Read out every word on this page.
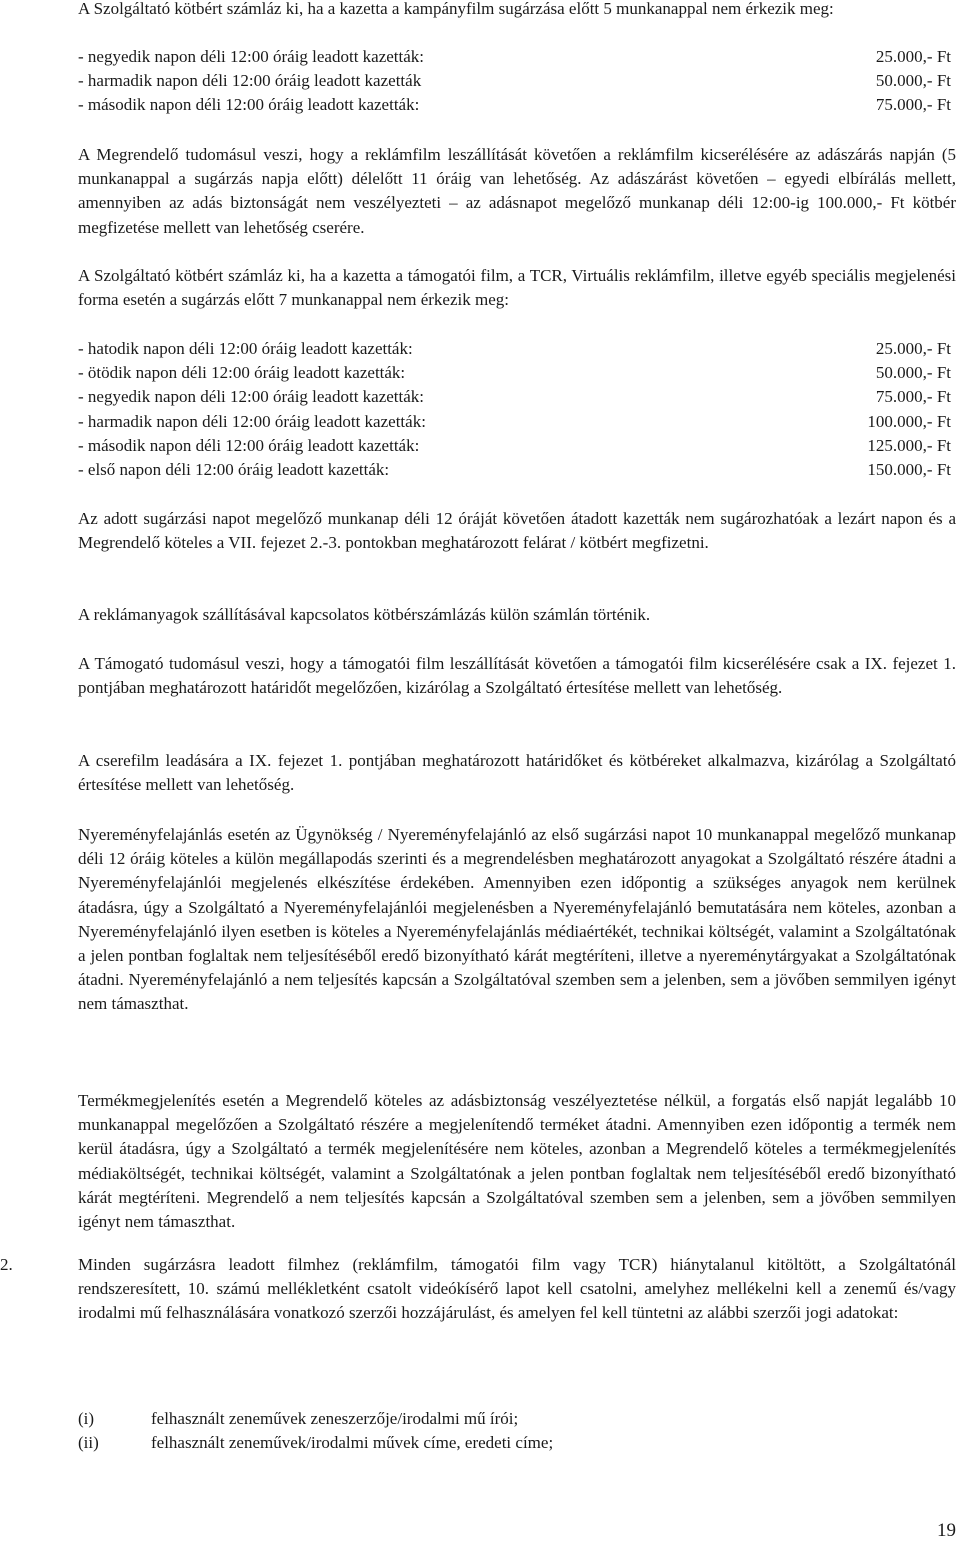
A Szolgáltató kötbért számláz ki, ha a kazetta a kampányfilm sugárzása előtt 5 munkanappal nem érkezik meg:

- negyedik napon déli 12:00 óráig leadott kazetták:	25.000,- Ft
- harmadik napon déli 12:00 óráig leadott kazetták	50.000,- Ft
- második napon déli 12:00 óráig leadott kazetták:	75.000,- Ft

A Megrendelő tudomásul veszi, hogy a reklámfilm leszállítását követően a reklámfilm kicserélésére az adászárás napján (5 munkanappal a sugárzás napja előtt) délelőtt 11 óráig van lehetőség. Az adászárást követően – egyedi elbírálás mellett, amennyiben az adás biztonságát nem veszélyezteti – az adásnapot megelőző munkanap déli 12:00-ig 100.000,- Ft kötbér megfizetése mellett van lehetőség cserére.

A Szolgáltató kötbért számláz ki, ha a kazetta a támogatói film, a TCR, Virtuális reklámfilm, illetve egyéb speciális megjelenési forma esetén a sugárzás előtt 7 munkanappal nem érkezik meg:

- hatodik napon déli 12:00 óráig leadott kazetták:	25.000,- Ft
- ötödik napon déli 12:00 óráig leadott kazetták:	50.000,- Ft
- negyedik napon déli 12:00 óráig leadott kazetták:	75.000,- Ft
- harmadik napon déli 12:00 óráig leadott kazetták:	100.000,- Ft
- második napon déli 12:00 óráig leadott kazetták:	125.000,- Ft
- első napon déli 12:00 óráig leadott kazetták:	150.000,- Ft

Az adott sugárzási napot megelőző munkanap déli 12 óráját követően átadott kazetták nem sugározhatóak a lezárt napon és a Megrendelő köteles a VII. fejezet 2.-3. pontokban meghatározott felárat / kötbért megfizetni.

A reklámanyagok szállításával kapcsolatos kötbérszámlázás külön számlán történik.

A Támogató tudomásul veszi, hogy a támogatói film leszállítását követően a támogatói film kicserélésére csak a IX. fejezet 1. pontjában meghatározott határidőt megelőzően, kizárólag a Szolgáltató értesítése mellett van lehetőség.

A cserefilm leadására a IX. fejezet 1. pontjában meghatározott határidőket és kötbéreket alkalmazva, kizárólag a Szolgáltató értesítése mellett van lehetőség.

Nyereményfelajánlás esetén az Ügynökség / Nyereményfelajánló az első sugárzási napot 10 munkanappal megelőző munkanap déli 12 óráig köteles a külön megállapodás szerinti és a megrendelésben meghatározott anyagokat a Szolgáltató részére átadni a Nyereményfelajánlói megjelenés elkészítése érdekében. Amennyiben ezen időpontig a szükséges anyagok nem kerülnek átadásra, úgy a Szolgáltató a Nyereményfelajánlói megjelenésben a Nyereményfelajánló bemutatására nem köteles, azonban a Nyereményfelajánló ilyen esetben is köteles a Nyereményfelajánlás médiaértékét, technikai költségét, valamint a Szolgáltatónak a jelen pontban foglaltak nem teljesítéséből eredő bizonyítható kárát megtéríteni, illetve a nyereménytárgyakat a Szolgáltatónak átadni. Nyereményfelajánló a nem teljesítés kapcsán a Szolgáltatóval szemben sem a jelenben, sem a jövőben semmilyen igényt nem támaszthat.

Termékmegjelenítés esetén a Megrendelő köteles az adásbiztonság veszélyeztetése nélkül, a forgatás első napját legalább 10 munkanappal megelőzően a Szolgáltató részére a megjelenítendő terméket átadni. Amennyiben ezen időpontig a termék nem kerül átadásra, úgy a Szolgáltató a termék megjelenítésére nem köteles, azonban a Megrendelő köteles a termékmegjelenítés médiaköltségét, technikai költségét, valamint a Szolgáltatónak a jelen pontban foglaltak nem teljesítéséből eredő bizonyítható kárát megtéríteni. Megrendelő a nem teljesítés kapcsán a Szolgáltatóval szemben sem a jelenben, sem a jövőben semmilyen igényt nem támaszthat.

2.	Minden sugárzásra leadott filmhez (reklámfilm, támogatói film vagy TCR) hiánytalanul kitöltött, a Szolgáltatónál rendszeresített, 10. számú mellékletként csatolt videókísérő lapot kell csatolni, amelyhez mellékelni kell a zenemű és/vagy irodalmi mű felhasználására vonatkozó szerzői hozzájárulást, és amelyen fel kell tüntetni az alábbi szerzői jogi adatokat:

(i)	felhasznált zeneművek zeneszerzője/irodalmi mű írói;
(ii)	felhasznált zeneművek/irodalmi művek címe, eredeti címe;
19
